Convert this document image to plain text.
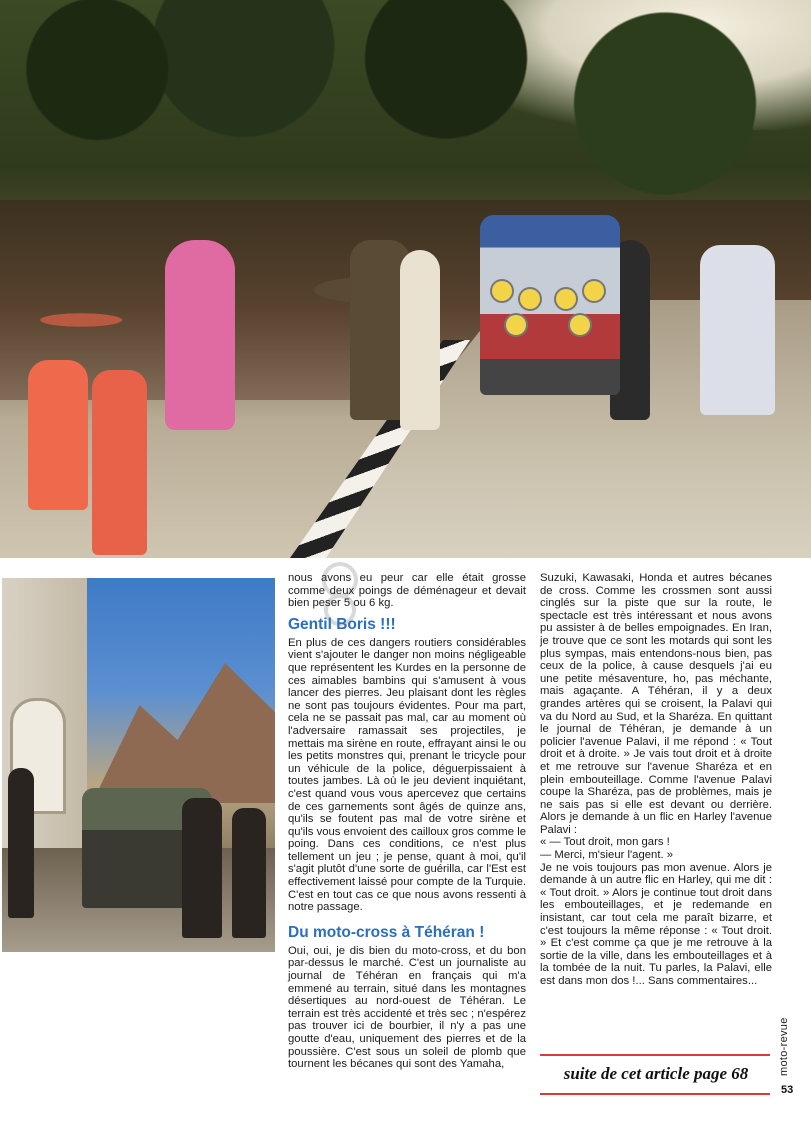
nous avons eu peur car elle était grosse comme deux poings de déménageur et devait bien peser 5 ou 6 kg.

Gentil Boris !!!

En plus de ces dangers routiers considérables vient s'ajouter le danger non moins négligeable que représentent les Kurdes en la personne de ces aimables bambins qui s'amusent à vous lancer des pierres. Jeu plaisant dont les règles ne sont pas toujours évidentes. Pour ma part, cela ne se passait pas mal, car au moment où l'adversaire ramassait ses projectiles, je mettais ma sirène en route, effrayant ainsi le ou les petits monstres qui, prenant le tricycle pour un véhicule de la police, déguerpissaient à toutes jambes. Là où le jeu devient inquiétant, c'est quand vous vous apercevez que certains de ces garnements sont âgés de quinze ans, qu'ils se foutent pas mal de votre sirène et qu'ils vous envoient des cailloux gros comme le poing. Dans ces conditions, ce n'est plus tellement un jeu ; je pense, quant à moi, qu'il s'agit plutôt d'une sorte de guérilla, car l'Est est effectivement laissé pour compte de la Turquie. C'est en tout cas ce que nous avons ressenti à notre passage.

Du moto-cross à Téhéran !

Oui, oui, je dis bien du moto-cross, et du bon par-dessus le marché. C'est un journaliste au journal de Téhéran en français qui m'a emmené au terrain, situé dans les montagnes désertiques au nord-ouest de Téhéran. Le terrain est très accidenté et très sec ; n'espérez pas trouver ici de bourbier, il n'y a pas une goutte d'eau, uniquement des pierres et de la poussière. C'est sous un soleil de plomb que tournent les bécanes qui sont des Yamaha,

Suzuki, Kawasaki, Honda et autres bécanes de cross. Comme les crossmen sont aussi cinglés sur la piste que sur la route, le spectacle est très intéressant et nous avons pu assister à de belles empoignades. En Iran, je trouve que ce sont les motards qui sont les plus sympas, mais entendons-nous bien, pas ceux de la police, à cause desquels j'ai eu une petite mésaventure, ho, pas méchante, mais agaçante. A Téhéran, il y a deux grandes artères qui se croisent, la Palavi qui va du Nord au Sud, et la Sharéza. En quittant le journal de Téhéran, je demande à un policier l'avenue Palavi, il me répond : « Tout droit et à droite. » Je vais tout droit et à droite et me retrouve sur l'avenue Sharéza et en plein embouteillage. Comme l'avenue Palavi coupe la Sharéza, pas de problèmes, mais je ne sais pas si elle est devant ou derrière. Alors je demande à un flic en Harley l'avenue Palavi :

« — Tout droit, mon gars !

— Merci, m'sieur l'agent. »

Je ne vois toujours pas mon avenue. Alors je demande à un autre flic en Harley, qui me dit : « Tout droit. » Alors je continue tout droit dans les embouteillages, et je redemande en insistant, car tout cela me paraît bizarre, et c'est toujours la même réponse : « Tout droit. » Et c'est comme ça que je me retrouve à la sortie de la ville, dans les embouteillages et à la tombée de la nuit. Tu parles, la Palavi, elle est dans mon dos !... Sans commentaires...

suite de cet article page 68	moto-revue
53
